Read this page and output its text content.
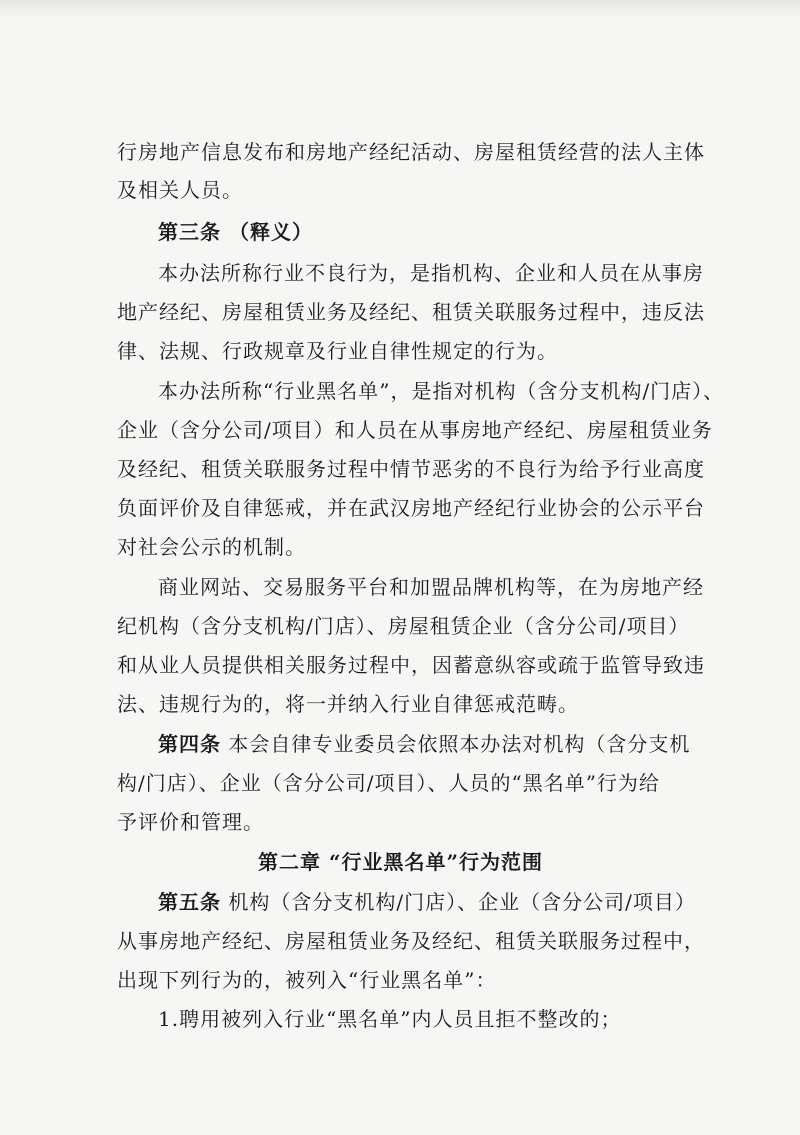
行房地产信息发布和房地产经纪活动、房屋租赁经营的法人主体
及相关人员。
第三条 （释义）
本办法所称行业不良行为，是指机构、企业和人员在从事房
地产经纪、房屋租赁业务及经纪、租赁关联服务过程中，违反法
律、法规、行政规章及行业自律性规定的行为。
本办法所称“行业黑名单”，是指对机构（含分支机构/门店）、
企业（含分公司/项目）和人员在从事房地产经纪、房屋租赁业务
及经纪、租赁关联服务过程中情节恶劣的不良行为给予行业高度
负面评价及自律惩戒，并在武汉房地产经纪行业协会的公示平台
对社会公示的机制。
商业网站、交易服务平台和加盟品牌机构等，在为房地产经
纪机构（含分支机构/门店）、房屋租赁企业（含分公司/项目）
和从业人员提供相关服务过程中，因蓄意纵容或疏于监管导致违
法、违规行为的，将一并纳入行业自律惩戒范畴。
第四条 本会自律专业委员会依照本办法对机构（含分支机
构/门店）、企业（含分公司/项目）、人员的“黑名单”行为给
予评价和管理。
第二章 “行业黑名单”行为范围
第五条 机构（含分支机构/门店）、企业（含分公司/项目）
从事房地产经纪、房屋租赁业务及经纪、租赁关联服务过程中，
出现下列行为的，被列入“行业黑名单”：
1.聘用被列入行业“黑名单”内人员且拒不整改的；
